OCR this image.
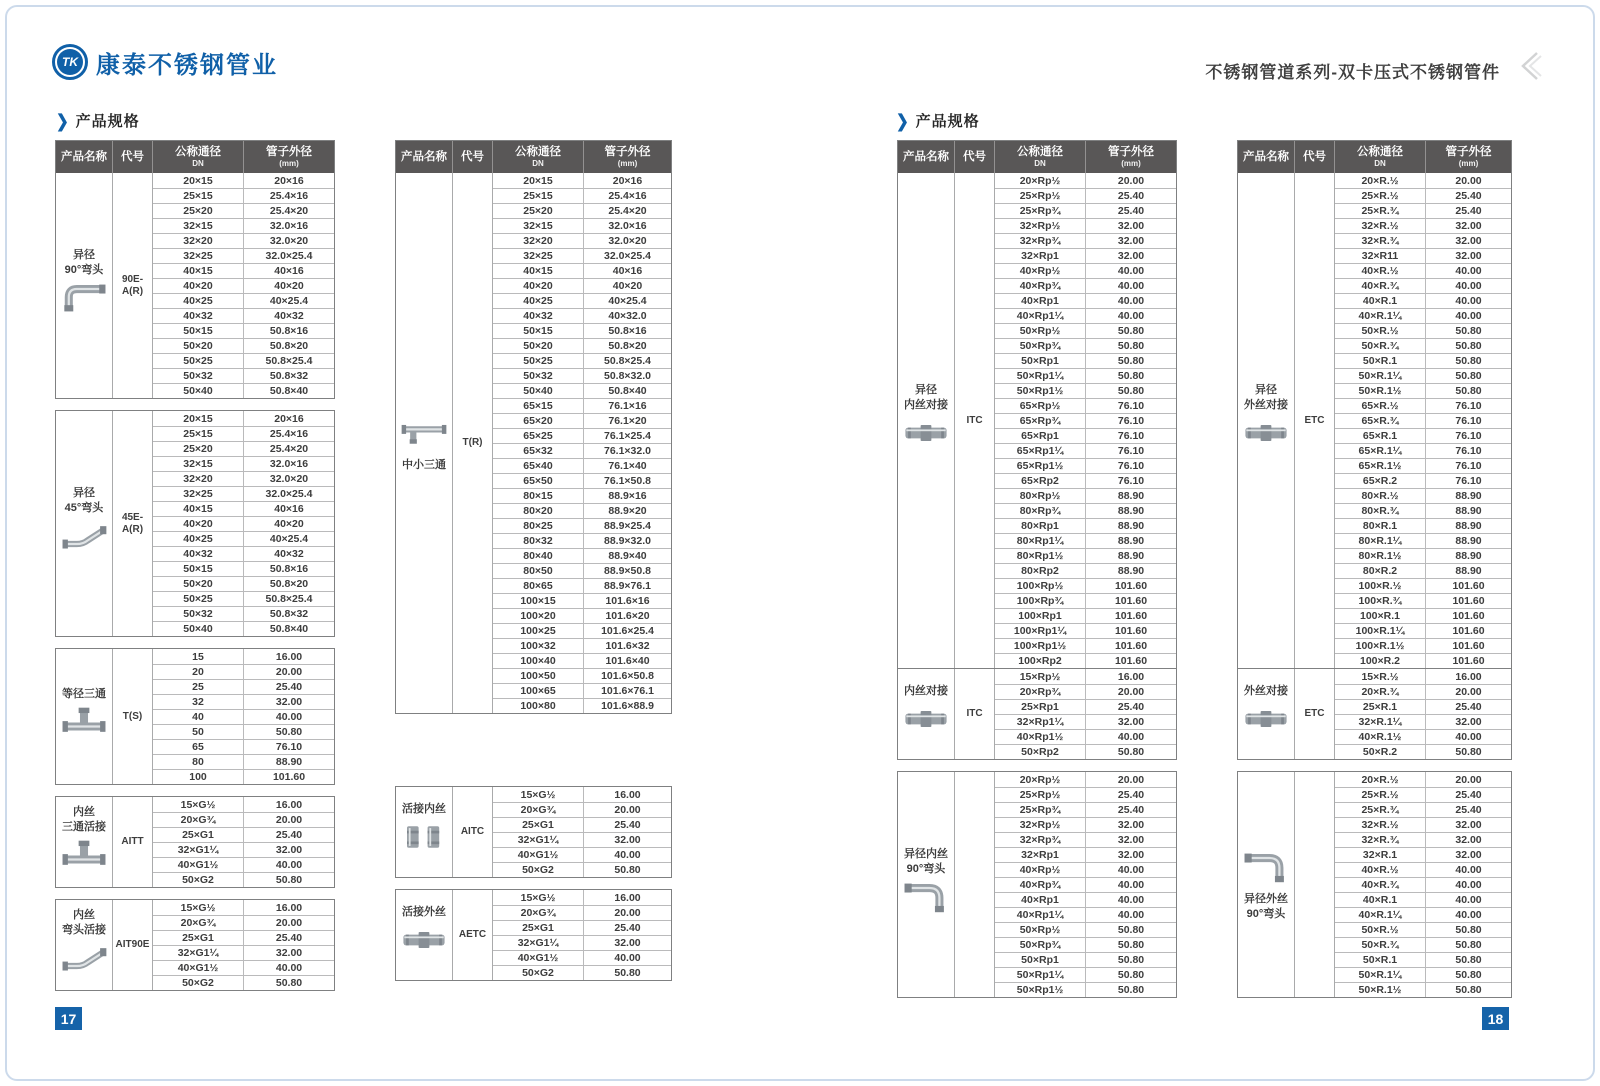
TK 康泰不锈钢管业	不锈钢管道系列-双卡压式不锈钢管件
❯ 产品规格	❯ 产品规格
产品名称	代号	公称通径
DN
管子外径
(mm)
异径
90°弯头
90E-A(R)
20×15	20×16
25×15	25.4×16
25×20	25.4×20
32×15	32.0×16
32×20	32.0×20
32×25	32.0×25.4
40×15	40×16
40×20	40×20
40×25	40×25.4
40×32	40×32
50×15	50.8×16
50×20	50.8×20
50×25	50.8×25.4
50×32	50.8×32
50×40	50.8×40
异径
45°弯头
45E-A(R)
20×15	20×16
25×15	25.4×16
25×20	25.4×20
32×15	32.0×16
32×20	32.0×20
32×25	32.0×25.4
40×15	40×16
40×20	40×20
40×25	40×25.4
40×32	40×32
50×15	50.8×16
50×20	50.8×20
50×25	50.8×25.4
50×32	50.8×32
50×40	50.8×40
等径三通
T(S)
15	16.00
20	20.00
25	25.40
32	32.00
40	40.00
50	50.80
65	76.10
80	88.90
100	101.60
内丝
三通活接
AITT
15×G½	16.00
20×G¾	20.00
25×G1	25.40
32×G1¼	32.00
40×G1½	40.00
50×G2	50.80
内丝
弯头活接
AIT90E
15×G½	16.00
20×G¾	20.00
25×G1	25.40
32×G1¼	32.00
40×G1½	40.00
50×G2	50.80
产品名称	代号	公称通径
DN
管子外径
(mm)
中小三通
T(R)
20×15	20×16
25×15	25.4×16
25×20	25.4×20
32×15	32.0×16
32×20	32.0×20
32×25	32.0×25.4
40×15	40×16
40×20	40×20
40×25	40×25.4
40×32	40×32.0
50×15	50.8×16
50×20	50.8×20
50×25	50.8×25.4
50×32	50.8×32.0
50×40	50.8×40
65×15	76.1×16
65×20	76.1×20
65×25	76.1×25.4
65×32	76.1×32.0
65×40	76.1×40
65×50	76.1×50.8
80×15	88.9×16
80×20	88.9×20
80×25	88.9×25.4
80×32	88.9×32.0
80×40	88.9×40
80×50	88.9×50.8
80×65	88.9×76.1
100×15	101.6×16
100×20	101.6×20
100×25	101.6×25.4
100×32	101.6×32
100×40	101.6×40
100×50	101.6×50.8
100×65	101.6×76.1
100×80	101.6×88.9
活接内丝
AITC
15×G½	16.00
20×G¾	20.00
25×G1	25.40
32×G1¼	32.00
40×G1½	40.00
50×G2	50.80
活接外丝
AETC
15×G½	16.00
20×G¾	20.00
25×G1	25.40
32×G1¼	32.00
40×G1½	40.00
50×G2	50.80
产品名称	代号	公称通径
DN
管子外径
(mm)
异径
内丝对接
ITC
20×Rp½	20.00
25×Rp½	25.40
25×Rp¾	25.40
32×Rp½	32.00
32×Rp¾	32.00
32×Rp1	32.00
40×Rp½	40.00
40×Rp¾	40.00
40×Rp1	40.00
40×Rp1¼	40.00
50×Rp½	50.80
50×Rp¾	50.80
50×Rp1	50.80
50×Rp1¼	50.80
50×Rp1½	50.80
65×Rp½	76.10
65×Rp¾	76.10
65×Rp1	76.10
65×Rp1¼	76.10
65×Rp1½	76.10
65×Rp2	76.10
80×Rp½	88.90
80×Rp¾	88.90
80×Rp1	88.90
80×Rp1¼	88.90
80×Rp1½	88.90
80×Rp2	88.90
100×Rp½	101.60
100×Rp¾	101.60
100×Rp1	101.60
100×Rp1¼	101.60
100×Rp1½	101.60
100×Rp2	101.60
内丝对接
ITC
15×Rp½	16.00
20×Rp¾	20.00
25×Rp1	25.40
32×Rp1¼	32.00
40×Rp1½	40.00
50×Rp2	50.80
异径内丝
90°弯头
20×Rp½	20.00
25×Rp½	25.40
25×Rp¾	25.40
32×Rp½	32.00
32×Rp¾	32.00
32×Rp1	32.00
40×Rp½	40.00
40×Rp¾	40.00
40×Rp1	40.00
40×Rp1¼	40.00
50×Rp½	50.80
50×Rp¾	50.80
50×Rp1	50.80
50×Rp1¼	50.80
50×Rp1½	50.80
产品名称	代号	公称通径
DN
管子外径
(mm)
异径
外丝对接
ETC
20×R.½	20.00
25×R.½	25.40
25×R.¾	25.40
32×R.½	32.00
32×R.¾	32.00
32×R11	32.00
40×R.½	40.00
40×R.¾	40.00
40×R.1	40.00
40×R.1¼	40.00
50×R.½	50.80
50×R.¾	50.80
50×R.1	50.80
50×R.1¼	50.80
50×R.1½	50.80
65×R.½	76.10
65×R.¾	76.10
65×R.1	76.10
65×R.1¼	76.10
65×R.1½	76.10
65×R.2	76.10
80×R.½	88.90
80×R.¾	88.90
80×R.1	88.90
80×R.1¼	88.90
80×R.1½	88.90
80×R.2	88.90
100×R.½	101.60
100×R.¾	101.60
100×R.1	101.60
100×R.1¼	101.60
100×R.1½	101.60
100×R.2	101.60
外丝对接
ETC
15×R.½	16.00
20×R.¾	20.00
25×R.1	25.40
32×R.1¼	32.00
40×R.1½	40.00
50×R.2	50.80
异径外丝
90°弯头
20×R.½	20.00
25×R.½	25.40
25×R.¾	25.40
32×R.½	32.00
32×R.¾	32.00
32×R.1	32.00
40×R.½	40.00
40×R.¾	40.00
40×R.1	40.00
40×R.1¼	40.00
50×R.½	50.80
50×R.¾	50.80
50×R.1	50.80
50×R.1¼	50.80
50×R.1½	50.80
17	18
